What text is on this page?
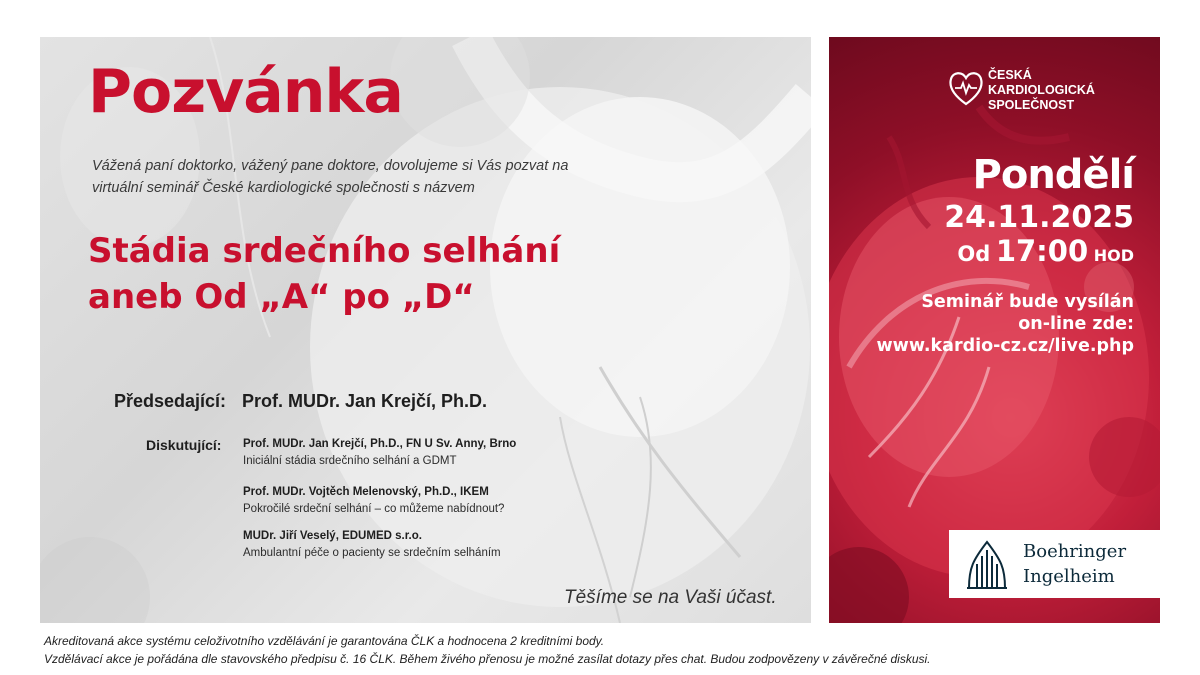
Pozvánka
Vážená paní doktorko, vážený pane doktore, dovolujeme si Vás pozvat na
virtuální seminář České kardiologické společnosti s názvem
Stádia srdečního selhání
aneb Od „A“ po „D“
Předsedající: Prof. MUDr. Jan Krejčí, Ph.D.
Diskutující: Prof. MUDr. Jan Krejčí, Ph.D., FN U Sv. Anny, Brno
Iniciální stádia srdečního selhání a GDMT
Prof. MUDr. Vojtěch Melenovský, Ph.D., IKEM
Pokročilé srdeční selhání – co můžeme nabídnout?
MUDr. Jiří Veselý, EDUMED s.r.o.
Ambulantní péče o pacienty se srdečním selháním
Těšíme se na Vaši účast.
Akreditovaná akce systému celoživotního vzdělávání je garantována ČLK a hodnocena 2 kreditními body.
Vzdělávací akce je pořádána dle stavovského předpisu č. 16 ČLK. Během živého přenosu je možné zasílat dotazy přes chat. Budou zodpovězeny v závěrečné diskusi.
ČESKÁ
KARDIOLOGICKÁ
SPOLEČNOST
Pondělí
24.11.2025
Od 17:00 HOD
Seminář bude vysílán
on-line zde:
www.kardio-cz.cz/live.php
Boehringer
Ingelheim
